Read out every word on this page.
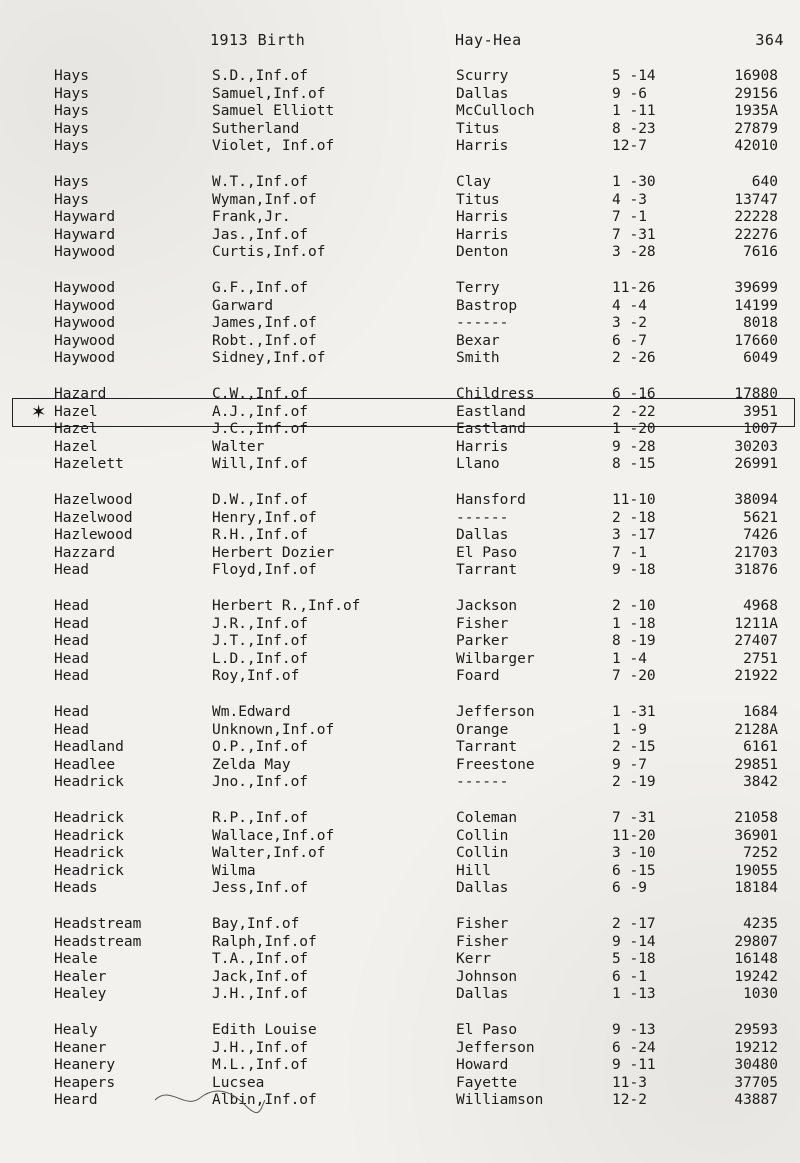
1913 Birth	Hay-Hea	364
Hays	S.D.,Inf.of	Scurry	5 -14	16908
Hays	Samuel,Inf.of	Dallas	9 -6	29156
Hays	Samuel Elliott	McCulloch	1 -11	1935A
Hays	Sutherland	Titus	8 -23	27879
Hays	Violet, Inf.of	Harris	12-7	42010
Hays	W.T.,Inf.of	Clay	1 -30	640
Hays	Wyman,Inf.of	Titus	4 -3	13747
Hayward	Frank,Jr.	Harris	7 -1	22228
Hayward	Jas.,Inf.of	Harris	7 -31	22276
Haywood	Curtis,Inf.of	Denton	3 -28	7616
Haywood	G.F.,Inf.of	Terry	11-26	39699
Haywood	Garward	Bastrop	4 -4	14199
Haywood	James,Inf.of	------	3 -2	8018
Haywood	Robt.,Inf.of	Bexar	6 -7	17660
Haywood	Sidney,Inf.of	Smith	2 -26	6049
Hazard	C.W.,Inf.of	Childress	6 -16	17880
Hazel	A.J.,Inf.of	Eastland	2 -22	3951
Hazel	J.C.,Inf.of	Eastland	1 -20	1007
Hazel	Walter	Harris	9 -28	30203
Hazelett	Will,Inf.of	Llano	8 -15	26991
Hazelwood	D.W.,Inf.of	Hansford	11-10	38094
Hazelwood	Henry,Inf.of	------	2 -18	5621
Hazlewood	R.H.,Inf.of	Dallas	3 -17	7426
Hazzard	Herbert Dozier	El Paso	7 -1	21703
Head	Floyd,Inf.of	Tarrant	9 -18	31876
Head	Herbert R.,Inf.of	Jackson	2 -10	4968
Head	J.R.,Inf.of	Fisher	1 -18	1211A
Head	J.T.,Inf.of	Parker	8 -19	27407
Head	L.D.,Inf.of	Wilbarger	1 -4	2751
Head	Roy,Inf.of	Foard	7 -20	21922
Head	Wm.Edward	Jefferson	1 -31	1684
Head	Unknown,Inf.of	Orange	1 -9	2128A
Headland	O.P.,Inf.of	Tarrant	2 -15	6161
Headlee	Zelda May	Freestone	9 -7	29851
Headrick	Jno.,Inf.of	------	2 -19	3842
Headrick	R.P.,Inf.of	Coleman	7 -31	21058
Headrick	Wallace,Inf.of	Collin	11-20	36901
Headrick	Walter,Inf.of	Collin	3 -10	7252
Headrick	Wilma	Hill	6 -15	19055
Heads	Jess,Inf.of	Dallas	6 -9	18184
Headstream	Bay,Inf.of	Fisher	2 -17	4235
Headstream	Ralph,Inf.of	Fisher	9 -14	29807
Heale	T.A.,Inf.of	Kerr	5 -18	16148
Healer	Jack,Inf.of	Johnson	6 -1	19242
Healey	J.H.,Inf.of	Dallas	1 -13	1030
Healy	Edith Louise	El Paso	9 -13	29593
Heaner	J.H.,Inf.of	Jefferson	6 -24	19212
Heanery	M.L.,Inf.of	Howard	9 -11	30480
Heapers	Lucsea	Fayette	11-3	37705
Heard	Albin,Inf.of	Williamson	12-2	43887
✶
